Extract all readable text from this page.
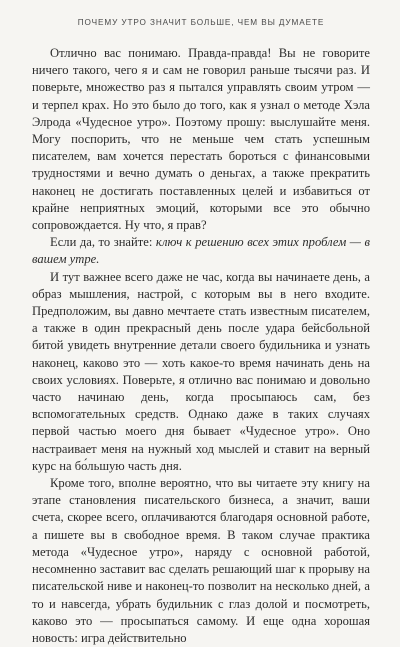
ПОЧЕМУ УТРО ЗНАЧИТ БОЛЬШЕ, ЧЕМ ВЫ ДУМАЕТЕ

Отлично вас понимаю. Правда-правда! Вы не говорите ничего такого, чего я и сам не говорил раньше тысячи раз. И поверьте, множество раз я пытался управлять своим утром — и терпел крах. Но это было до того, как я узнал о методе Хэла Элрода «Чудесное утро». Поэтому прошу: выслушайте меня. Могу поспорить, что не меньше чем стать успешным писателем, вам хочется перестать бороться с финансовыми трудностями и вечно думать о деньгах, а также прекратить наконец не достигать поставленных целей и избавиться от крайне неприятных эмоций, которыми все это обычно сопровождается. Ну что, я прав?

Если да, то знайте: ключ к решению всех этих проблем — в вашем утре.

И тут важнее всего даже не час, когда вы начинаете день, а образ мышления, настрой, с которым вы в него входите. Предположим, вы давно мечтаете стать известным писателем, а также в один прекрасный день после удара бейсбольной битой увидеть внутренние детали своего будильника и узнать наконец, каково это — хоть какое-то время начинать день на своих условиях. Поверьте, я отлично вас понимаю и довольно часто начинаю день, когда просыпаюсь сам, без вспомогательных средств. Однако даже в таких случаях первой частью моего дня бывает «Чудесное утро». Оно настраивает меня на нужный ход мыслей и ставит на верный курс на бо́льшую часть дня.

Кроме того, вполне вероятно, что вы читаете эту книгу на этапе становления писательского бизнеса, а значит, ваши счета, скорее всего, оплачиваются благодаря основной работе, а пишете вы в свободное время. В таком случае практика метода «Чудесное утро», наряду с основной работой, несомненно заставит вас сделать решающий шаг к прорыву на писательской ниве и наконец-то позволит на несколько дней, а то и навсегда, убрать будильник с глаз долой и посмотреть, каково это — просыпаться самому. И еще одна хорошая новость: игра действительно
